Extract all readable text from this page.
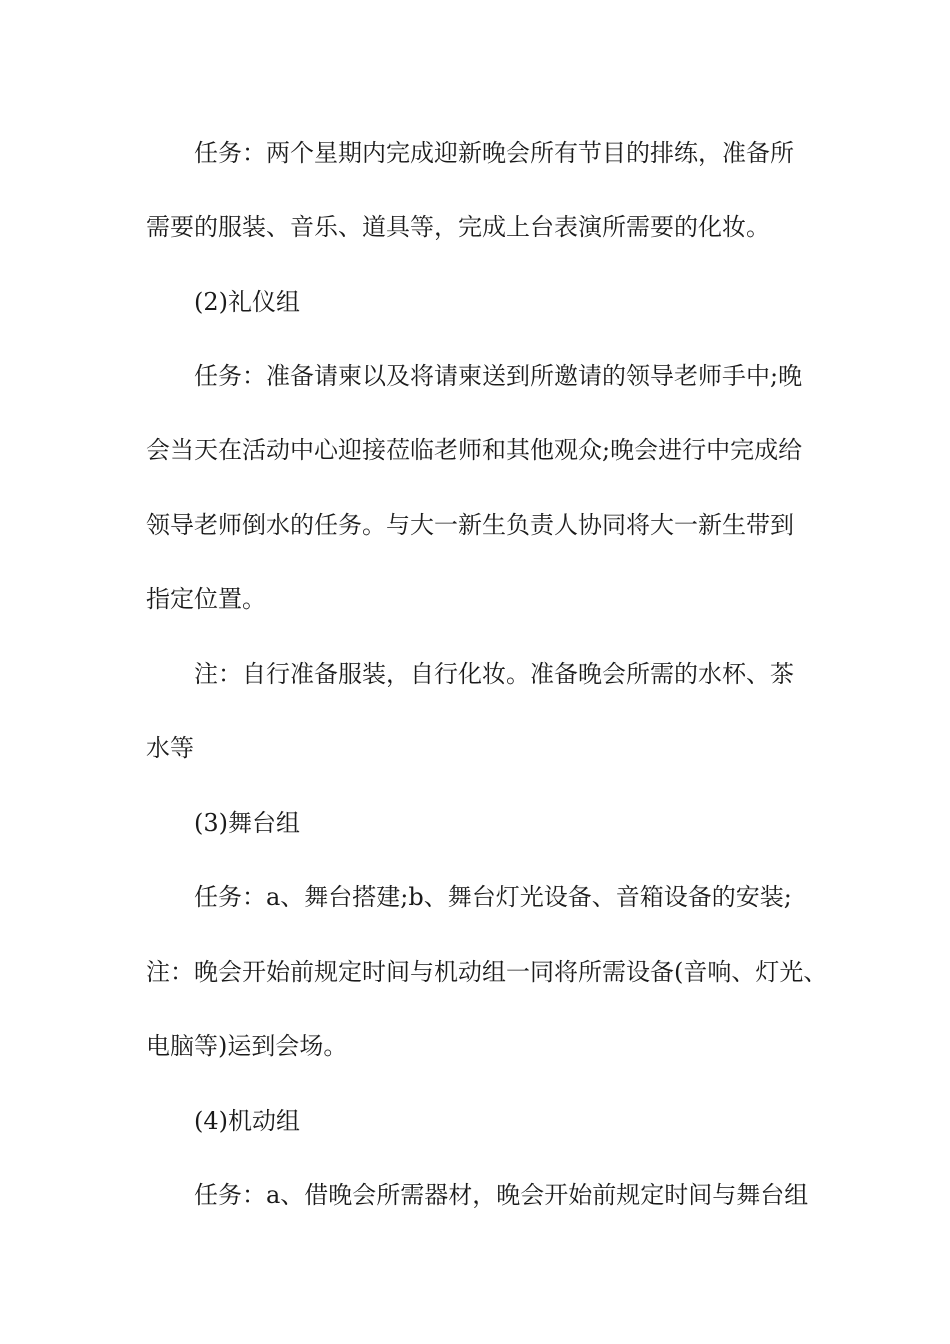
任务：两个星期内完成迎新晚会所有节目的排练，准备所
需要的服装、音乐、道具等，完成上台表演所需要的化妆。
(2)礼仪组
任务：准备请柬以及将请柬送到所邀请的领导老师手中;晚
会当天在活动中心迎接莅临老师和其他观众;晚会进行中完成给
领导老师倒水的任务。与大一新生负责人协同将大一新生带到
指定位置。
注：自行准备服装，自行化妆。准备晚会所需的水杯、茶
水等
(3)舞台组
任务：a、舞台搭建;b、舞台灯光设备、音箱设备的安装;
注：晚会开始前规定时间与机动组一同将所需设备(音响、灯光、
电脑等)运到会场。
(4)机动组
任务：a、借晚会所需器材，晚会开始前规定时间与舞台组
